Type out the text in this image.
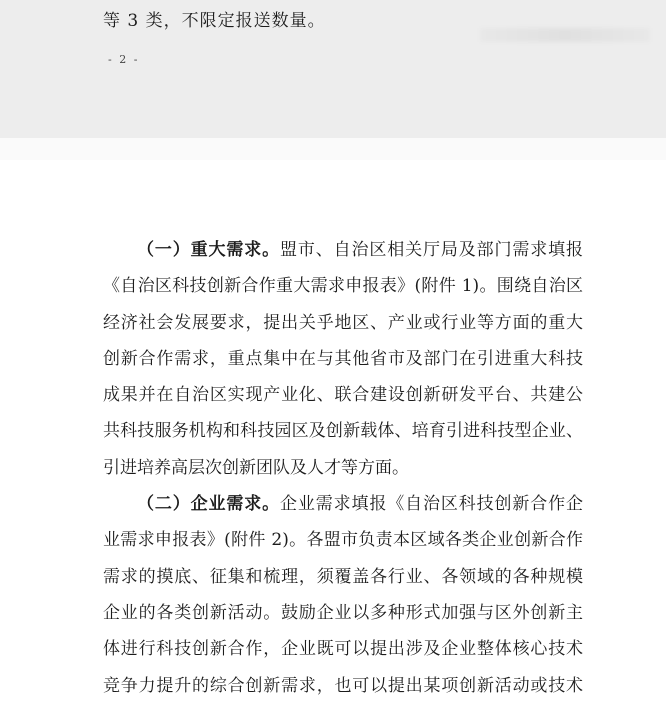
等 3 类，不限定报送数量。
- 2 -
（一）重大需求。盟市、自治区相关厅局及部门需求填报
《自治区科技创新合作重大需求申报表》(附件 1)。围绕自治区
经济社会发展要求，提出关乎地区、产业或行业等方面的重大
创新合作需求，重点集中在与其他省市及部门在引进重大科技
成果并在自治区实现产业化、联合建设创新研发平台、共建公
共科技服务机构和科技园区及创新载体、培育引进科技型企业、
引进培养高层次创新团队及人才等方面。
（二）企业需求。企业需求填报《自治区科技创新合作企
业需求申报表》(附件 2)。各盟市负责本区域各类企业创新合作
需求的摸底、征集和梳理，须覆盖各行业、各领域的各种规模
企业的各类创新活动。鼓励企业以多种形式加强与区外创新主
体进行科技创新合作，企业既可以提出涉及企业整体核心技术
竞争力提升的综合创新需求，也可以提出某项创新活动或技术
